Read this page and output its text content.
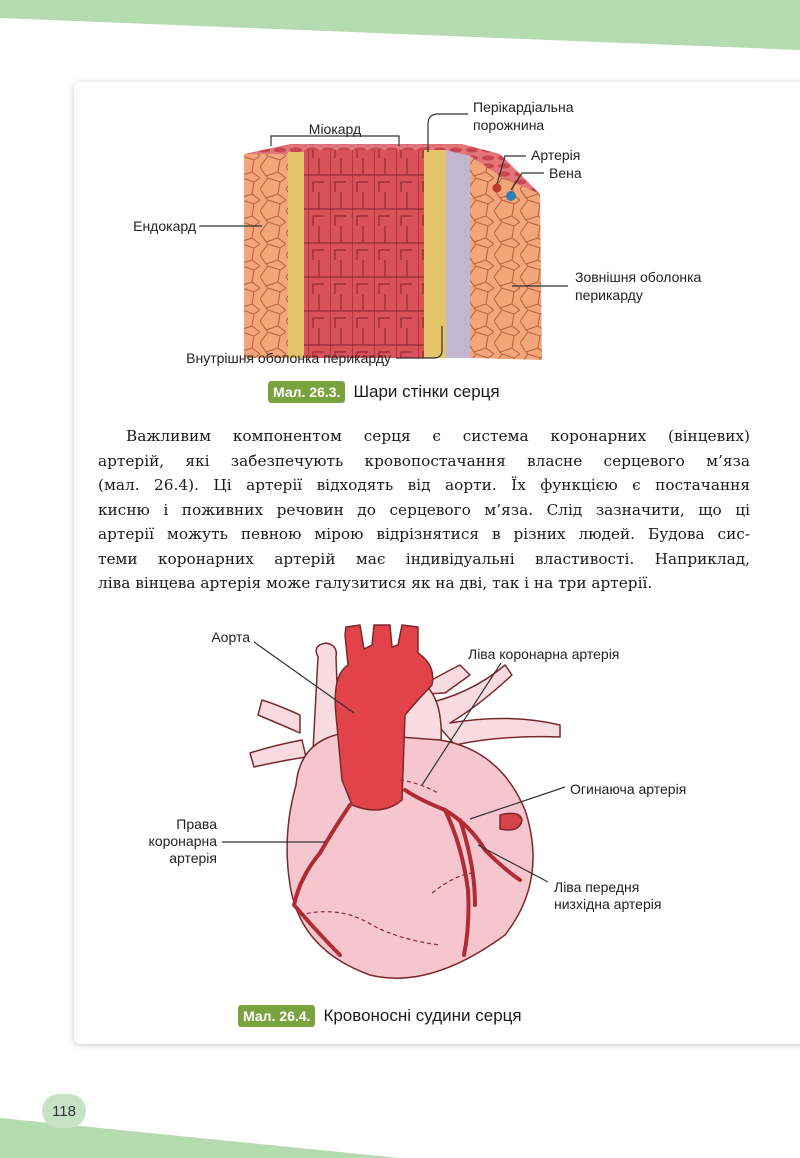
Міокард
Перікардіальна порожнина
Артерія
Вена
Ендокард
Зовнішня оболонка перикарду
Внутрішня оболонка перикарду
Мал. 26.3. Шари стінки серця
Важливим компонентом серця є система коронарних (вінцевих)
артерій, які забезпечують кровопостачання власне серцевого м’яза
(мал. 26.4). Ці артерії відходять від аорти. Їх функцією є постачання
кисню і поживних речовин до серцевого м’яза. Слід зазначити, що ці
артерії можуть певною мірою відрізнятися в різних людей. Будова сис-
теми коронарних артерій має індивідуальні властивості. Наприклад,
ліва вінцева артерія може галузитися як на дві, так і на три артерії.
Аорта
Ліва коронарна артерія
Огинаюча артерія
Права коронарна артерія
Ліва передня низхідна артерія
Мал. 26.4. Кровоносні судини серця
118
